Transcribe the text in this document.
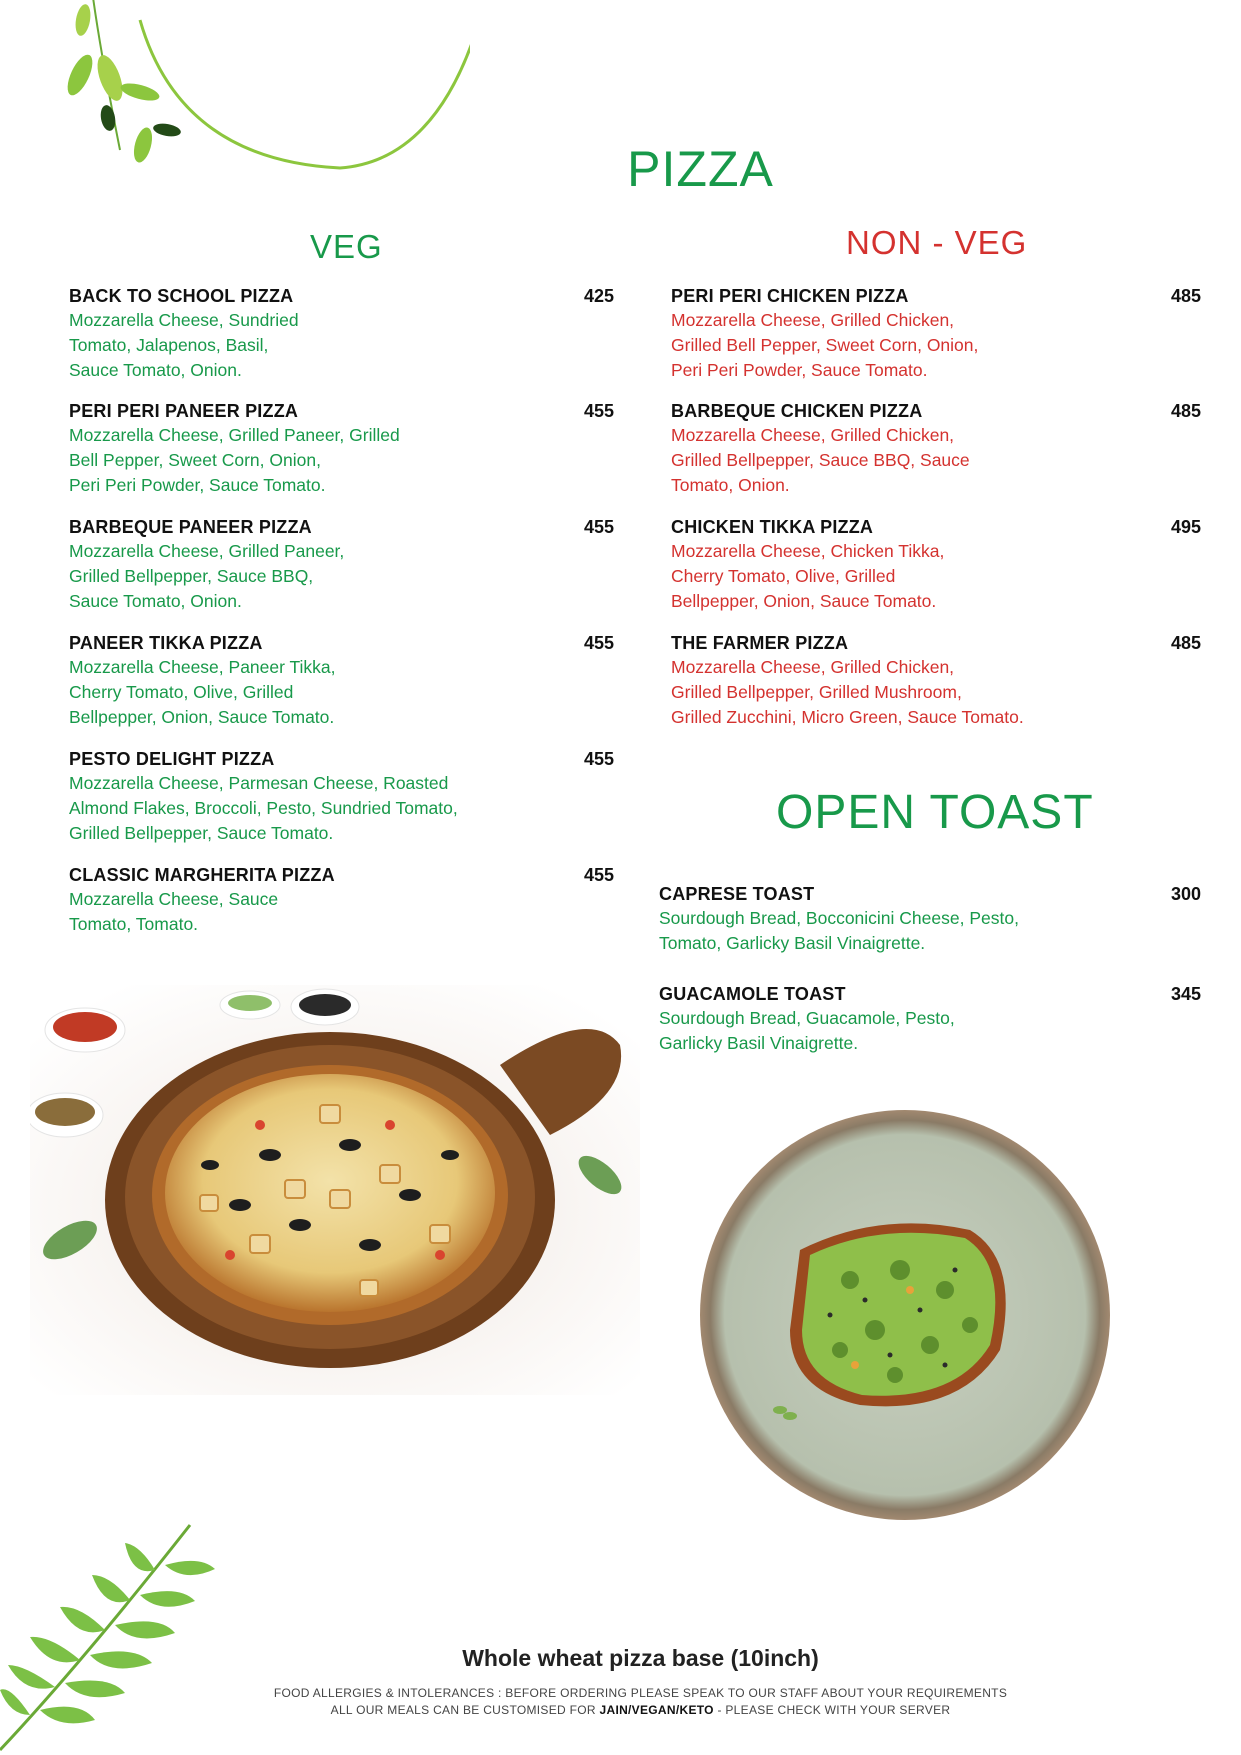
PIZZA
VEG
BACK TO SCHOOL PIZZA	425
Mozzarella Cheese, Sundried
Tomato, Jalapenos, Basil,
Sauce Tomato, Onion.
PERI PERI PANEER PIZZA	455
Mozzarella Cheese, Grilled Paneer, Grilled
Bell Pepper, Sweet Corn, Onion,
Peri Peri Powder, Sauce Tomato.
BARBEQUE PANEER PIZZA	455
Mozzarella Cheese, Grilled Paneer,
Grilled Bellpepper, Sauce BBQ,
Sauce Tomato, Onion.
PANEER TIKKA PIZZA	455
Mozzarella Cheese, Paneer Tikka,
Cherry Tomato, Olive, Grilled
Bellpepper, Onion, Sauce Tomato.
PESTO DELIGHT PIZZA	455
Mozzarella Cheese, Parmesan Cheese, Roasted
Almond Flakes, Broccoli, Pesto, Sundried Tomato,
Grilled Bellpepper, Sauce Tomato.
CLASSIC MARGHERITA PIZZA	455
Mozzarella Cheese, Sauce
Tomato, Tomato.
NON - VEG
PERI PERI CHICKEN PIZZA	485
Mozzarella Cheese, Grilled Chicken,
Grilled Bell Pepper, Sweet Corn, Onion,
Peri Peri Powder, Sauce Tomato.
BARBEQUE CHICKEN PIZZA	485
Mozzarella Cheese, Grilled Chicken,
Grilled Bellpepper, Sauce BBQ, Sauce
Tomato, Onion.
CHICKEN TIKKA PIZZA	495
Mozzarella Cheese, Chicken Tikka,
Cherry Tomato, Olive, Grilled
Bellpepper, Onion, Sauce Tomato.
THE FARMER PIZZA	485
Mozzarella Cheese, Grilled Chicken,
Grilled Bellpepper, Grilled Mushroom,
Grilled Zucchini, Micro Green, Sauce Tomato.
OPEN TOAST
CAPRESE TOAST	300
Sourdough Bread, Bocconicini Cheese, Pesto,
Tomato, Garlicky Basil Vinaigrette.
GUACAMOLE TOAST	345
Sourdough Bread, Guacamole, Pesto,
Garlicky Basil Vinaigrette.
Whole wheat pizza base (10inch)
FOOD ALLERGIES & INTOLERANCES : BEFORE ORDERING PLEASE SPEAK TO OUR STAFF ABOUT YOUR REQUIREMENTS
ALL OUR MEALS CAN BE CUSTOMISED FOR JAIN/VEGAN/KETO - PLEASE CHECK WITH YOUR SERVER
